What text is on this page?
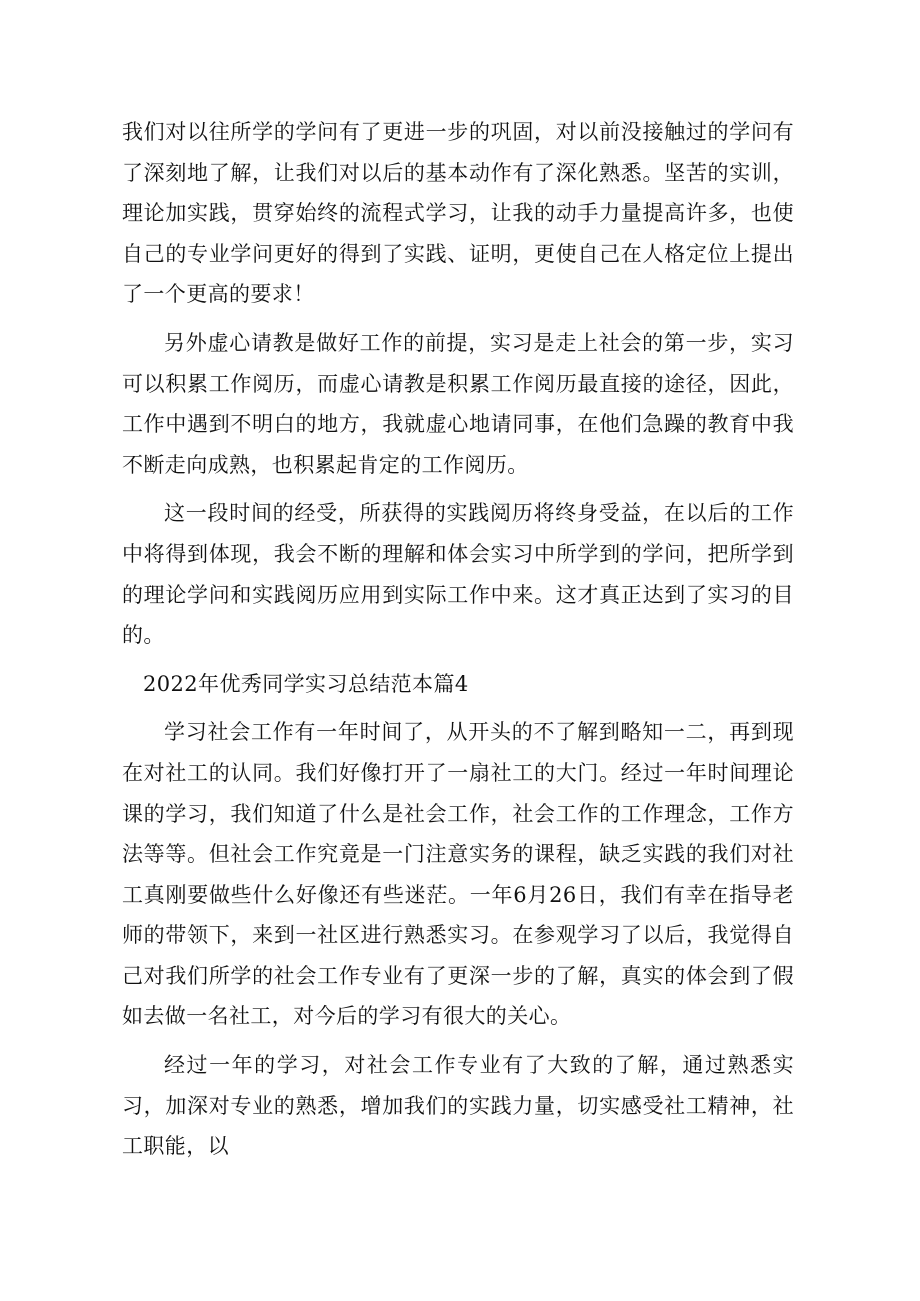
我们对以往所学的学问有了更进一步的巩固，对以前没接触过的学问有了深刻地了解，让我们对以后的基本动作有了深化熟悉。坚苦的实训，理论加实践，贯穿始终的流程式学习，让我的动手力量提高许多，也使自己的专业学问更好的得到了实践、证明，更使自己在人格定位上提出了一个更高的要求！

另外虚心请教是做好工作的前提，实习是走上社会的第一步，实习可以积累工作阅历，而虚心请教是积累工作阅历最直接的途径，因此，工作中遇到不明白的地方，我就虚心地请同事，在他们急躁的教育中我不断走向成熟，也积累起肯定的工作阅历。

这一段时间的经受，所获得的实践阅历将终身受益，在以后的工作中将得到体现，我会不断的理解和体会实习中所学到的学问，把所学到的理论学问和实践阅历应用到实际工作中来。这才真正达到了实习的目的。

2022年优秀同学实习总结范本篇4

学习社会工作有一年时间了，从开头的不了解到略知一二，再到现在对社工的认同。我们好像打开了一扇社工的大门。经过一年时间理论课的学习，我们知道了什么是社会工作，社会工作的工作理念，工作方法等等。但社会工作究竟是一门注意实务的课程，缺乏实践的我们对社工真刚要做些什么好像还有些迷茫。一年6月26日，我们有幸在指导老师的带领下，来到一社区进行熟悉实习。在参观学习了以后，我觉得自己对我们所学的社会工作专业有了更深一步的了解，真实的体会到了假如去做一名社工，对今后的学习有很大的关心。

经过一年的学习，对社会工作专业有了大致的了解，通过熟悉实习，加深对专业的熟悉，增加我们的实践力量，切实感受社工精神，社工职能，以
